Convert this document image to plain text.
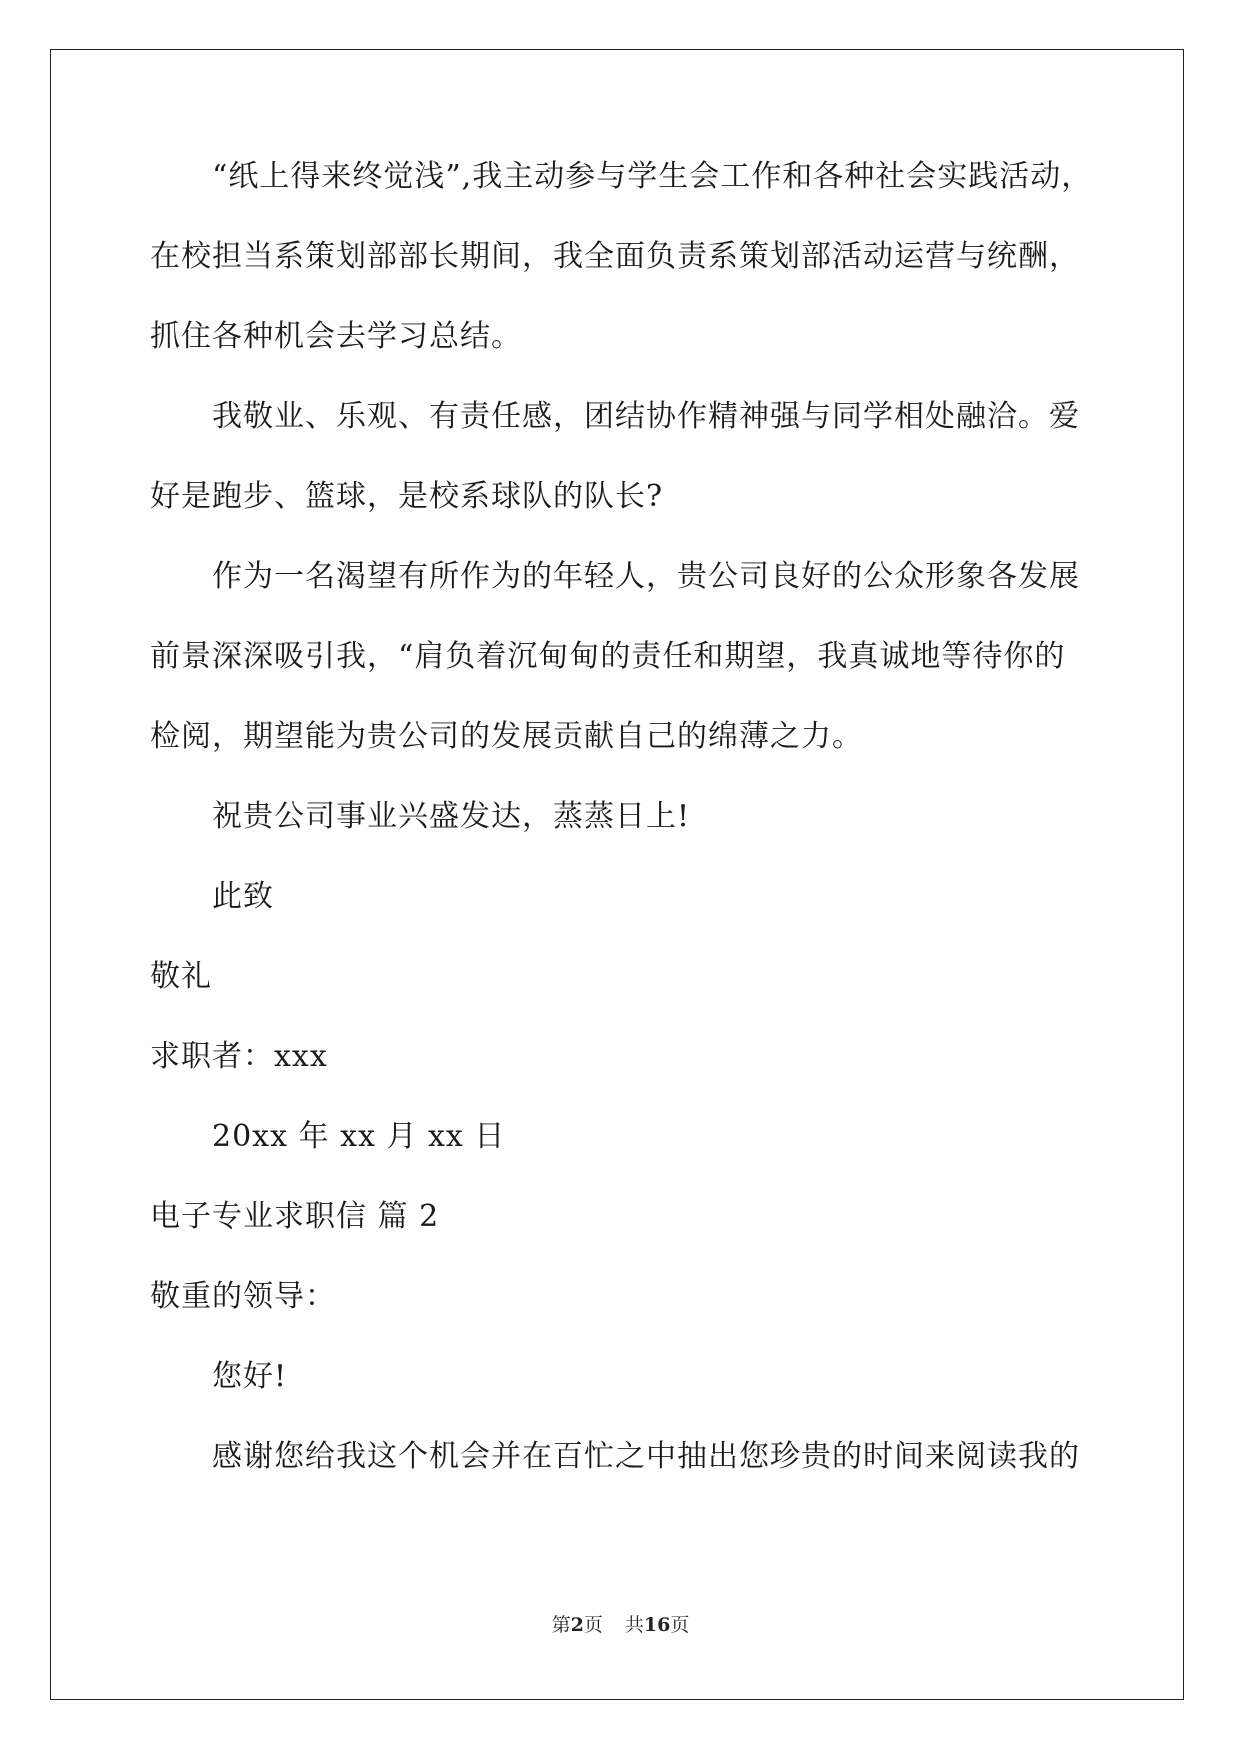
“纸上得来终觉浅”,我主动参与学生会工作和各种社会实践活动，
在校担当系策划部部长期间，我全面负责系策划部活动运营与统酬，
抓住各种机会去学习总结。
我敬业、乐观、有责任感，团结协作精神强与同学相处融洽。爱
好是跑步、篮球，是校系球队的队长?
作为一名渴望有所作为的年轻人，贵公司良好的公众形象各发展
前景深深吸引我，“肩负着沉甸甸的责任和期望，我真诚地等待你的
检阅，期望能为贵公司的发展贡献自己的绵薄之力。
祝贵公司事业兴盛发达，蒸蒸日上!
此致
敬礼
求职者：xxx
20xx 年 xx 月 xx 日
电子专业求职信 篇 2
敬重的领导：
您好!
感谢您给我这个机会并在百忙之中抽出您珍贵的时间来阅读我的
第2页 共16页
